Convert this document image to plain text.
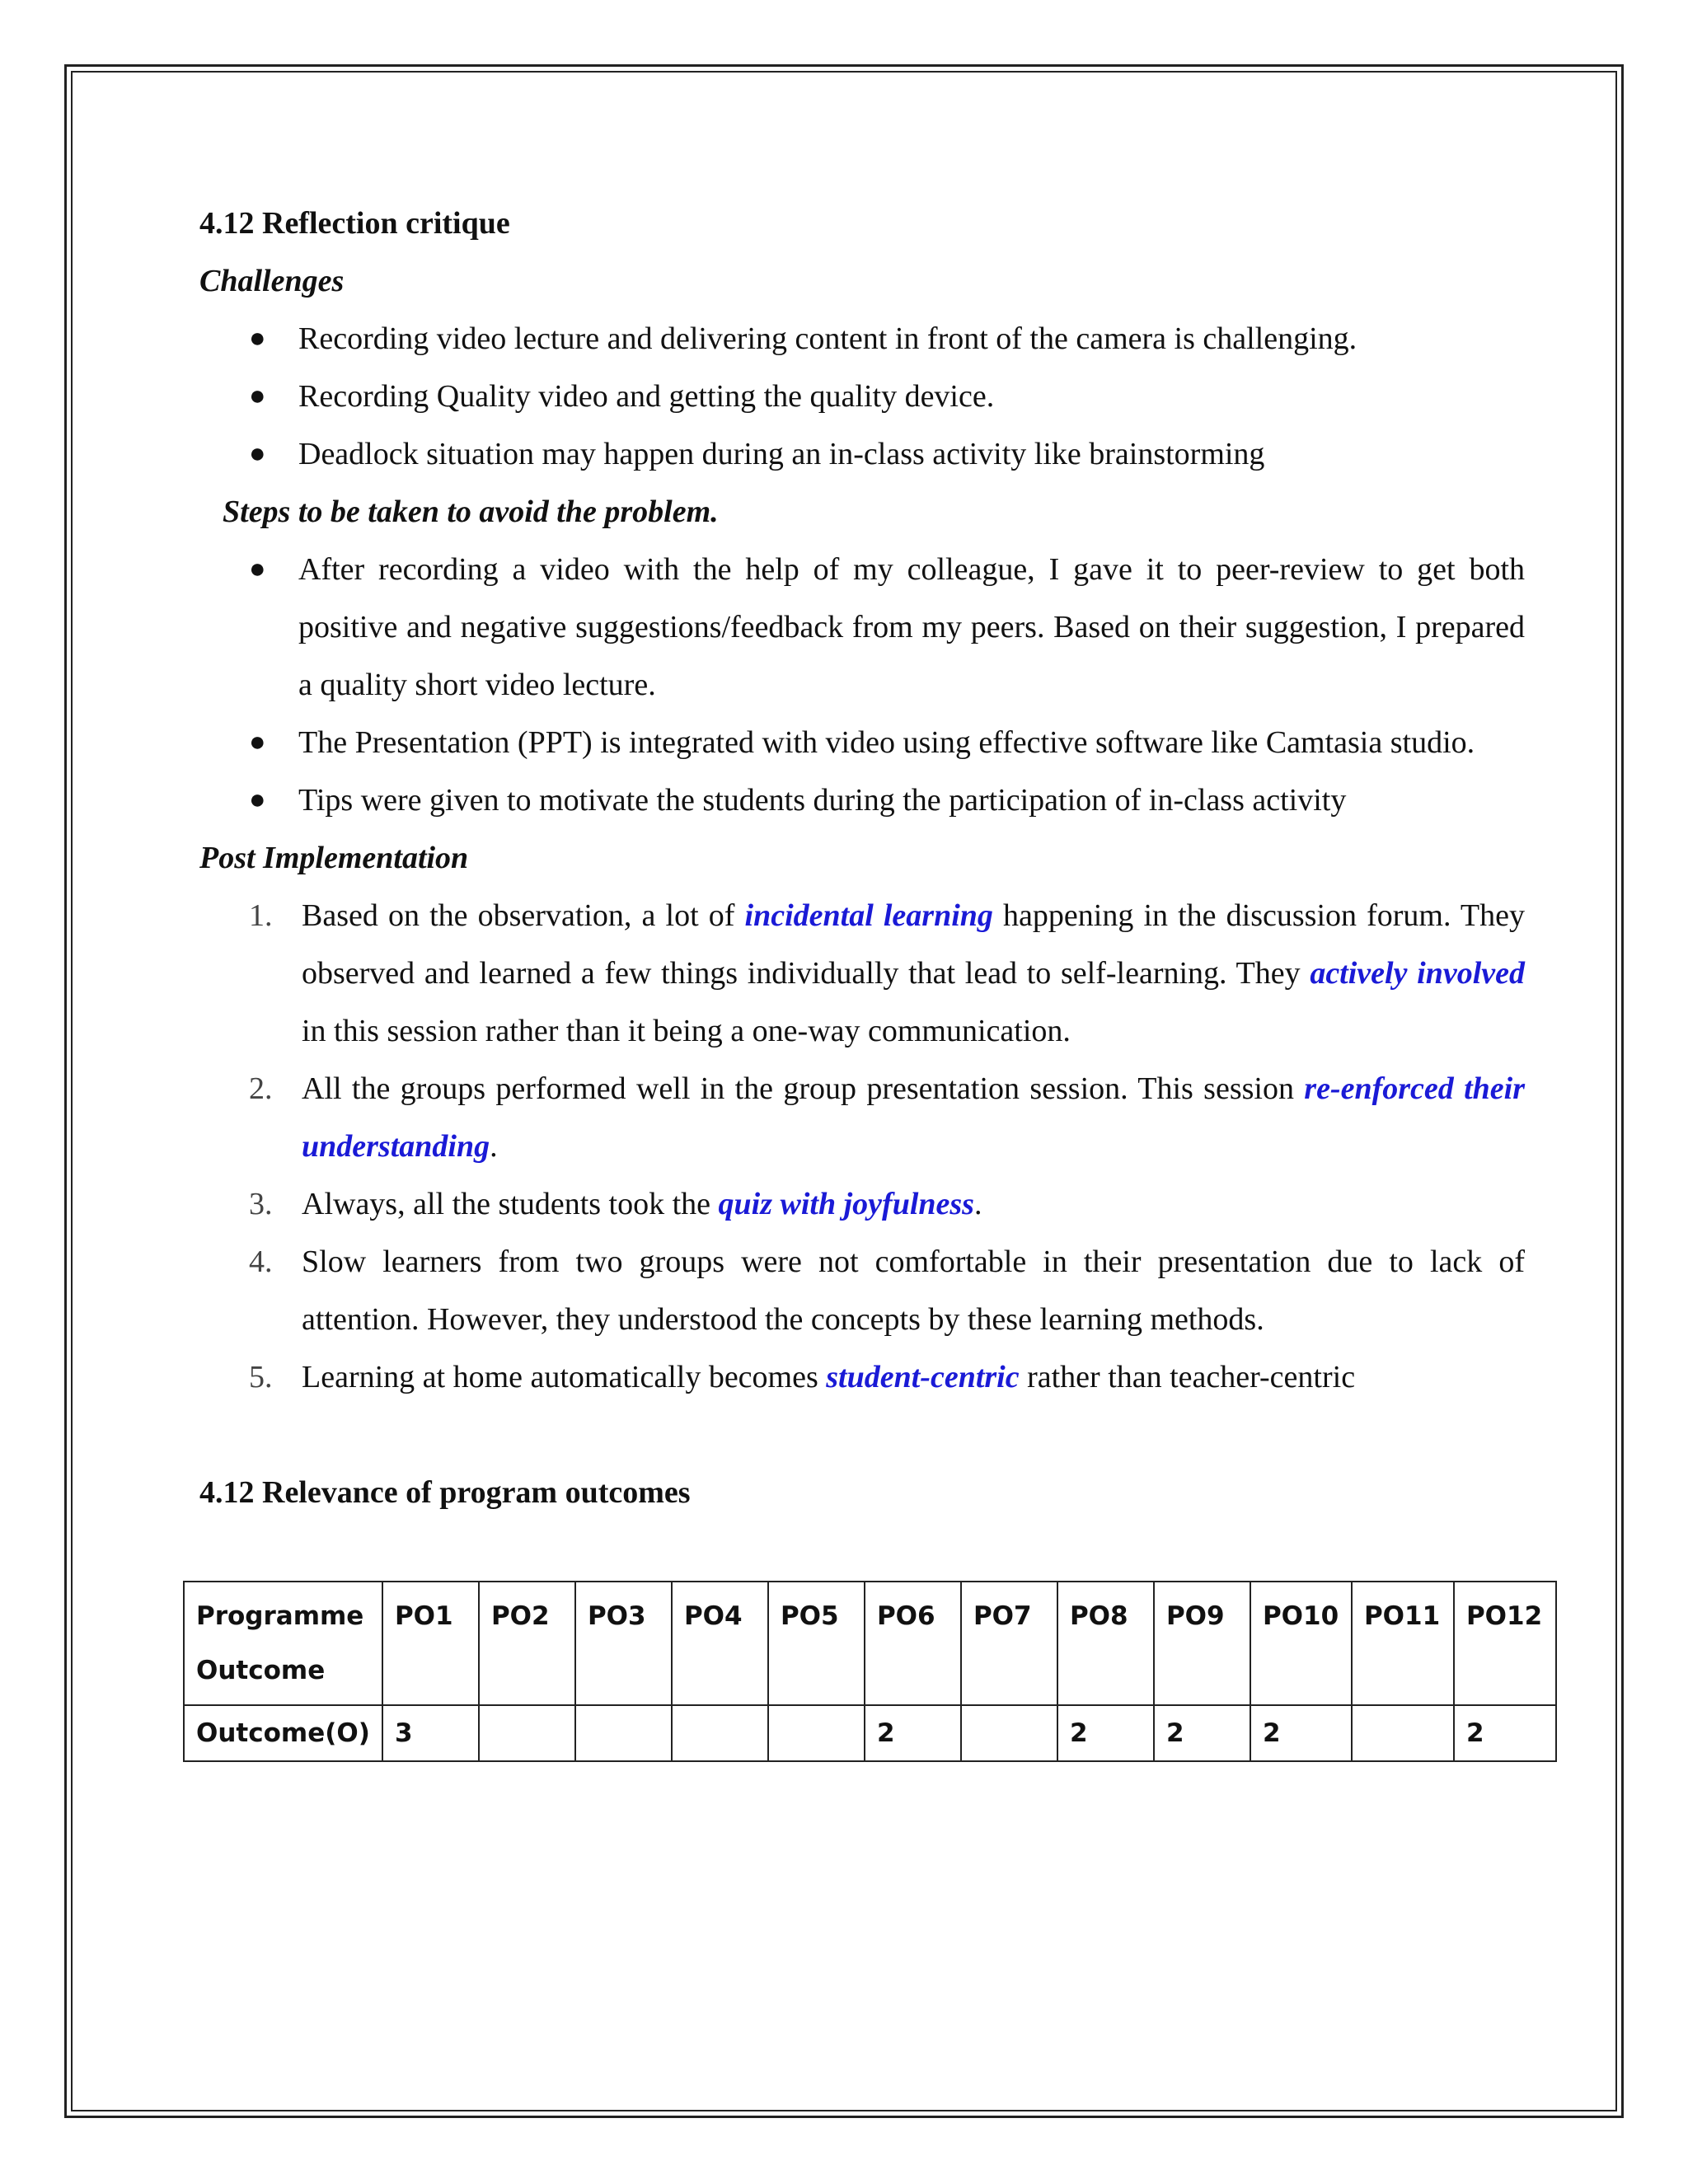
4.12 Reflection critique

Challenges

● Recording video lecture and delivering content in front of the camera is challenging.
● Recording Quality video and getting the quality device.
● Deadlock situation may happen during an in-class activity like brainstorming

Steps to be taken to avoid the problem.

● After recording a video with the help of my colleague, I gave it to peer-review to get both positive and negative suggestions/feedback from my peers. Based on their suggestion, I prepared a quality short video lecture.
● The Presentation (PPT) is integrated with video using effective software like Camtasia studio.
● Tips were given to motivate the students during the participation of in-class activity

Post Implementation

1. Based on the observation, a lot of incidental learning happening in the discussion forum. They observed and learned a few things individually that lead to self-learning. They actively involved in this session rather than it being a one-way communication.
2. All the groups performed well in the group presentation session. This session re-enforced their understanding.
3. Always, all the students took the quiz with joyfulness.
4. Slow learners from two groups were not comfortable in their presentation due to lack of attention. However, they understood the concepts by these learning methods.
5. Learning at home automatically becomes student-centric rather than teacher-centric

4.12 Relevance of program outcomes

Programme
Outcome	PO1	PO2	PO3	PO4	PO5	PO6	PO7	PO8	PO9	PO10	PO11	PO12
Outcome(O)	3					2		2	2	2		2
